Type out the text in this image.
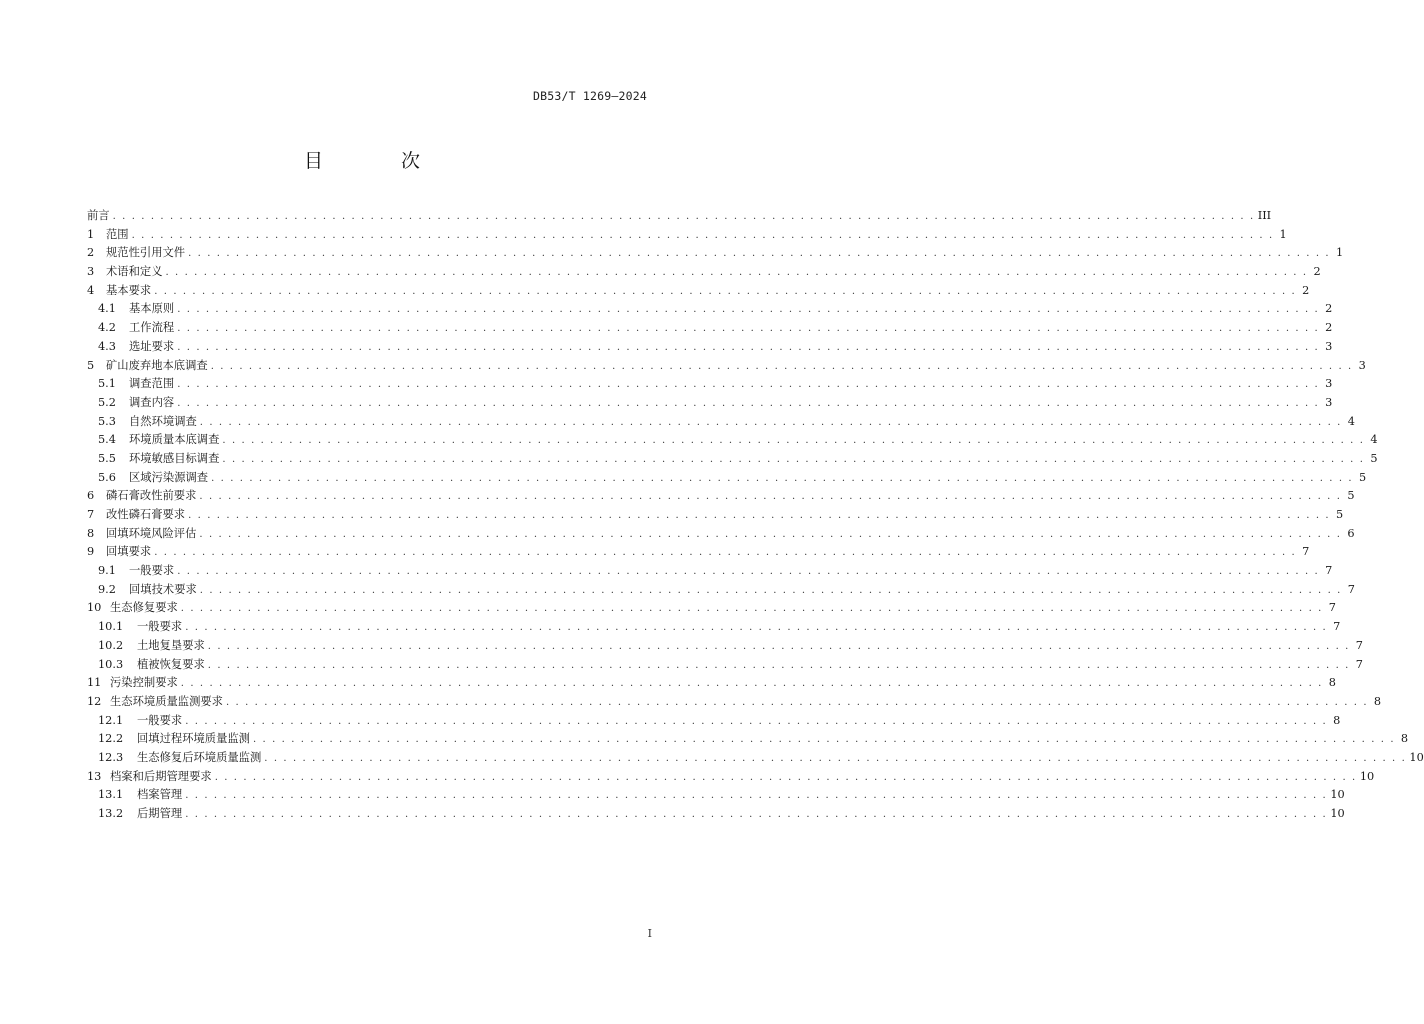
DB53/T 1269—2024
目 次
前言 . . . . . . . . . . . . . . . . . . . . . . . . . . . . . . . . . . . . . . . . . . . . . . . . . . . . . . . . . . . . . . . . . . . . . . . . . . . . . . . . . . . . . . . . . . . . . . . . . . . . . . . . . . . . . . . . . . . . . . . . III
1	范围 . . . . . . . . . . . . . . . . . . . . . . . . . . . . . . . . . . . . . . . . . . . . . . . . . . . . . . . . . . . . . . . . . . . . . . . . . . . . . . . . . . . . . . . . . . . . . . . . . . . . . . . . . . . . . . . . . . . . . . . . 1
2	规范性引用文件 . . . . . . . . . . . . . . . . . . . . . . . . . . . . . . . . . . . . . . . . . . . . . . . . . . . . . . . . . . . . . . . . . . . . . . . . . . . . . . . . . . . . . . . . . . . . . . . . . . . . . . . . . . . . . . . . . . . . . . . . 1
3	术语和定义 . . . . . . . . . . . . . . . . . . . . . . . . . . . . . . . . . . . . . . . . . . . . . . . . . . . . . . . . . . . . . . . . . . . . . . . . . . . . . . . . . . . . . . . . . . . . . . . . . . . . . . . . . . . . . . . . . . . . . . . . 2
4	基本要求 . . . . . . . . . . . . . . . . . . . . . . . . . . . . . . . . . . . . . . . . . . . . . . . . . . . . . . . . . . . . . . . . . . . . . . . . . . . . . . . . . . . . . . . . . . . . . . . . . . . . . . . . . . . . . . . . . . . . . . . . 2
4.1	基本原则 . . . . . . . . . . . . . . . . . . . . . . . . . . . . . . . . . . . . . . . . . . . . . . . . . . . . . . . . . . . . . . . . . . . . . . . . . . . . . . . . . . . . . . . . . . . . . . . . . . . . . . . . . . . . . . . . . . . . . . . . 2
4.2	工作流程 . . . . . . . . . . . . . . . . . . . . . . . . . . . . . . . . . . . . . . . . . . . . . . . . . . . . . . . . . . . . . . . . . . . . . . . . . . . . . . . . . . . . . . . . . . . . . . . . . . . . . . . . . . . . . . . . . . . . . . . . 2
4.3	选址要求 . . . . . . . . . . . . . . . . . . . . . . . . . . . . . . . . . . . . . . . . . . . . . . . . . . . . . . . . . . . . . . . . . . . . . . . . . . . . . . . . . . . . . . . . . . . . . . . . . . . . . . . . . . . . . . . . . . . . . . . . 3
5	矿山废弃地本底调查 . . . . . . . . . . . . . . . . . . . . . . . . . . . . . . . . . . . . . . . . . . . . . . . . . . . . . . . . . . . . . . . . . . . . . . . . . . . . . . . . . . . . . . . . . . . . . . . . . . . . . . . . . . . . . . . . . . . . . . . . 3
5.1	调查范围 . . . . . . . . . . . . . . . . . . . . . . . . . . . . . . . . . . . . . . . . . . . . . . . . . . . . . . . . . . . . . . . . . . . . . . . . . . . . . . . . . . . . . . . . . . . . . . . . . . . . . . . . . . . . . . . . . . . . . . . . 3
5.2	调查内容 . . . . . . . . . . . . . . . . . . . . . . . . . . . . . . . . . . . . . . . . . . . . . . . . . . . . . . . . . . . . . . . . . . . . . . . . . . . . . . . . . . . . . . . . . . . . . . . . . . . . . . . . . . . . . . . . . . . . . . . . 3
5.3	自然环境调查 . . . . . . . . . . . . . . . . . . . . . . . . . . . . . . . . . . . . . . . . . . . . . . . . . . . . . . . . . . . . . . . . . . . . . . . . . . . . . . . . . . . . . . . . . . . . . . . . . . . . . . . . . . . . . . . . . . . . . . . . 4
5.4	环境质量本底调查 . . . . . . . . . . . . . . . . . . . . . . . . . . . . . . . . . . . . . . . . . . . . . . . . . . . . . . . . . . . . . . . . . . . . . . . . . . . . . . . . . . . . . . . . . . . . . . . . . . . . . . . . . . . . . . . . . . . . . . . . 4
5.5	环境敏感目标调查 . . . . . . . . . . . . . . . . . . . . . . . . . . . . . . . . . . . . . . . . . . . . . . . . . . . . . . . . . . . . . . . . . . . . . . . . . . . . . . . . . . . . . . . . . . . . . . . . . . . . . . . . . . . . . . . . . . . . . . . . 5
5.6	区域污染源调查 . . . . . . . . . . . . . . . . . . . . . . . . . . . . . . . . . . . . . . . . . . . . . . . . . . . . . . . . . . . . . . . . . . . . . . . . . . . . . . . . . . . . . . . . . . . . . . . . . . . . . . . . . . . . . . . . . . . . . . . . 5
6	磷石膏改性前要求 . . . . . . . . . . . . . . . . . . . . . . . . . . . . . . . . . . . . . . . . . . . . . . . . . . . . . . . . . . . . . . . . . . . . . . . . . . . . . . . . . . . . . . . . . . . . . . . . . . . . . . . . . . . . . . . . . . . . . . . . 5
7	改性磷石膏要求 . . . . . . . . . . . . . . . . . . . . . . . . . . . . . . . . . . . . . . . . . . . . . . . . . . . . . . . . . . . . . . . . . . . . . . . . . . . . . . . . . . . . . . . . . . . . . . . . . . . . . . . . . . . . . . . . . . . . . . . . 5
8	回填环境风险评估 . . . . . . . . . . . . . . . . . . . . . . . . . . . . . . . . . . . . . . . . . . . . . . . . . . . . . . . . . . . . . . . . . . . . . . . . . . . . . . . . . . . . . . . . . . . . . . . . . . . . . . . . . . . . . . . . . . . . . . . . 6
9	回填要求 . . . . . . . . . . . . . . . . . . . . . . . . . . . . . . . . . . . . . . . . . . . . . . . . . . . . . . . . . . . . . . . . . . . . . . . . . . . . . . . . . . . . . . . . . . . . . . . . . . . . . . . . . . . . . . . . . . . . . . . . 7
9.1	一般要求 . . . . . . . . . . . . . . . . . . . . . . . . . . . . . . . . . . . . . . . . . . . . . . . . . . . . . . . . . . . . . . . . . . . . . . . . . . . . . . . . . . . . . . . . . . . . . . . . . . . . . . . . . . . . . . . . . . . . . . . . 7
9.2	回填技术要求 . . . . . . . . . . . . . . . . . . . . . . . . . . . . . . . . . . . . . . . . . . . . . . . . . . . . . . . . . . . . . . . . . . . . . . . . . . . . . . . . . . . . . . . . . . . . . . . . . . . . . . . . . . . . . . . . . . . . . . . . 7
10 生态修复要求 . . . . . . . . . . . . . . . . . . . . . . . . . . . . . . . . . . . . . . . . . . . . . . . . . . . . . . . . . . . . . . . . . . . . . . . . . . . . . . . . . . . . . . . . . . . . . . . . . . . . . . . . . . . . . . . . . . . . . . . . 7
10.1	一般要求 . . . . . . . . . . . . . . . . . . . . . . . . . . . . . . . . . . . . . . . . . . . . . . . . . . . . . . . . . . . . . . . . . . . . . . . . . . . . . . . . . . . . . . . . . . . . . . . . . . . . . . . . . . . . . . . . . . . . . . . . 7
10.2	土地复垦要求 . . . . . . . . . . . . . . . . . . . . . . . . . . . . . . . . . . . . . . . . . . . . . . . . . . . . . . . . . . . . . . . . . . . . . . . . . . . . . . . . . . . . . . . . . . . . . . . . . . . . . . . . . . . . . . . . . . . . . . . . 7
10.3	植被恢复要求 . . . . . . . . . . . . . . . . . . . . . . . . . . . . . . . . . . . . . . . . . . . . . . . . . . . . . . . . . . . . . . . . . . . . . . . . . . . . . . . . . . . . . . . . . . . . . . . . . . . . . . . . . . . . . . . . . . . . . . . . 7
11 污染控制要求 . . . . . . . . . . . . . . . . . . . . . . . . . . . . . . . . . . . . . . . . . . . . . . . . . . . . . . . . . . . . . . . . . . . . . . . . . . . . . . . . . . . . . . . . . . . . . . . . . . . . . . . . . . . . . . . . . . . . . . . . 8
12 生态环境质量监测要求 . . . . . . . . . . . . . . . . . . . . . . . . . . . . . . . . . . . . . . . . . . . . . . . . . . . . . . . . . . . . . . . . . . . . . . . . . . . . . . . . . . . . . . . . . . . . . . . . . . . . . . . . . . . . . . . . . . . . . . . . 8
12.1	一般要求 . . . . . . . . . . . . . . . . . . . . . . . . . . . . . . . . . . . . . . . . . . . . . . . . . . . . . . . . . . . . . . . . . . . . . . . . . . . . . . . . . . . . . . . . . . . . . . . . . . . . . . . . . . . . . . . . . . . . . . . . 8
12.2	回填过程环境质量监测 . . . . . . . . . . . . . . . . . . . . . . . . . . . . . . . . . . . . . . . . . . . . . . . . . . . . . . . . . . . . . . . . . . . . . . . . . . . . . . . . . . . . . . . . . . . . . . . . . . . . . . . . . . . . . . . . . . . . . . . . 8
12.3	生态修复后环境质量监测 . . . . . . . . . . . . . . . . . . . . . . . . . . . . . . . . . . . . . . . . . . . . . . . . . . . . . . . . . . . . . . . . . . . . . . . . . . . . . . . . . . . . . . . . . . . . . . . . . . . . . . . . . . . . . . . . . . . . . . . . 10
13 档案和后期管理要求 . . . . . . . . . . . . . . . . . . . . . . . . . . . . . . . . . . . . . . . . . . . . . . . . . . . . . . . . . . . . . . . . . . . . . . . . . . . . . . . . . . . . . . . . . . . . . . . . . . . . . . . . . . . . . . . . . . . . . . . . 10
13.1	档案管理 . . . . . . . . . . . . . . . . . . . . . . . . . . . . . . . . . . . . . . . . . . . . . . . . . . . . . . . . . . . . . . . . . . . . . . . . . . . . . . . . . . . . . . . . . . . . . . . . . . . . . . . . . . . . . . . . . . . . . . . . 10
13.2	后期管理 . . . . . . . . . . . . . . . . . . . . . . . . . . . . . . . . . . . . . . . . . . . . . . . . . . . . . . . . . . . . . . . . . . . . . . . . . . . . . . . . . . . . . . . . . . . . . . . . . . . . . . . . . . . . . . . . . . . . . . . . 10
I
